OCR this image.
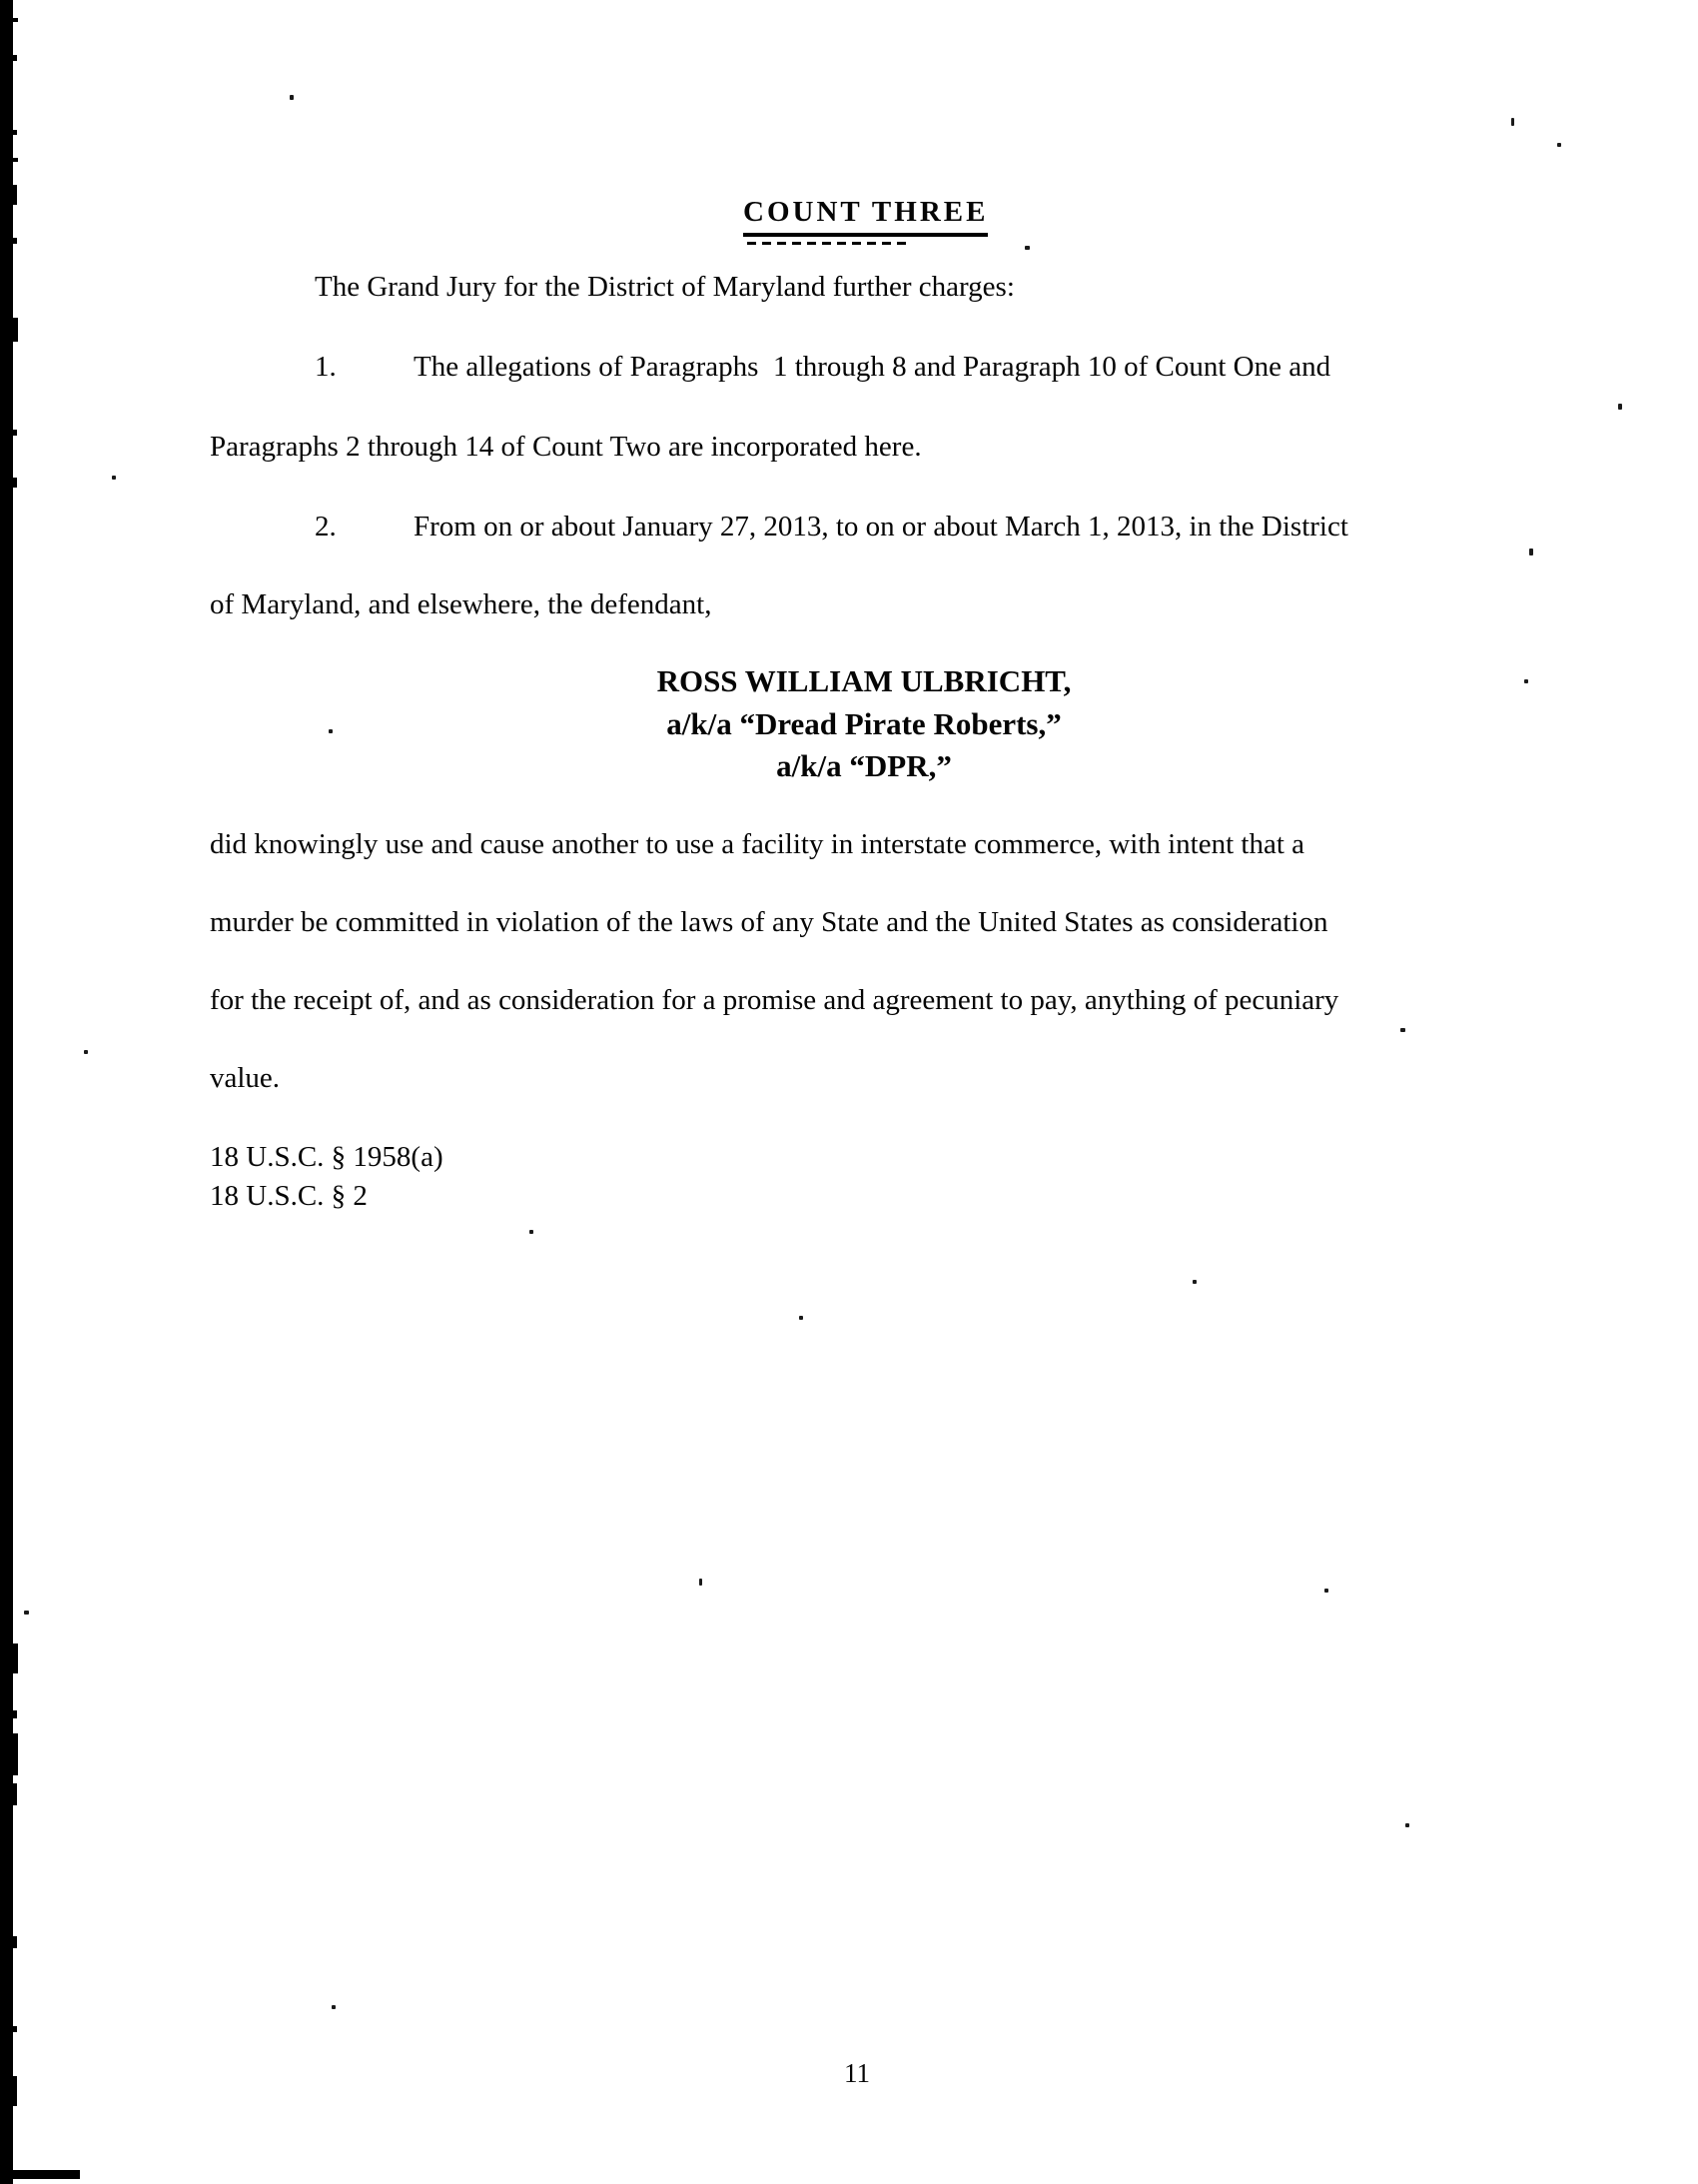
COUNT THREE
The Grand Jury for the District of Maryland further charges:
1.	The allegations of Paragraphs  1 through 8 and Paragraph 10 of Count One and
Paragraphs 2 through 14 of Count Two are incorporated here.
2.	From on or about January 27, 2013, to on or about March 1, 2013, in the District
of Maryland, and elsewhere, the defendant,
ROSS WILLIAM ULBRICHT,
a/k/a “Dread Pirate Roberts,”
a/k/a “DPR,”
did knowingly use and cause another to use a facility in interstate commerce, with intent that a
murder be committed in violation of the laws of any State and the United States as consideration
for the receipt of, and as consideration for a promise and agreement to pay, anything of pecuniary
value.
18 U.S.C. § 1958(a)
18 U.S.C. § 2
11
